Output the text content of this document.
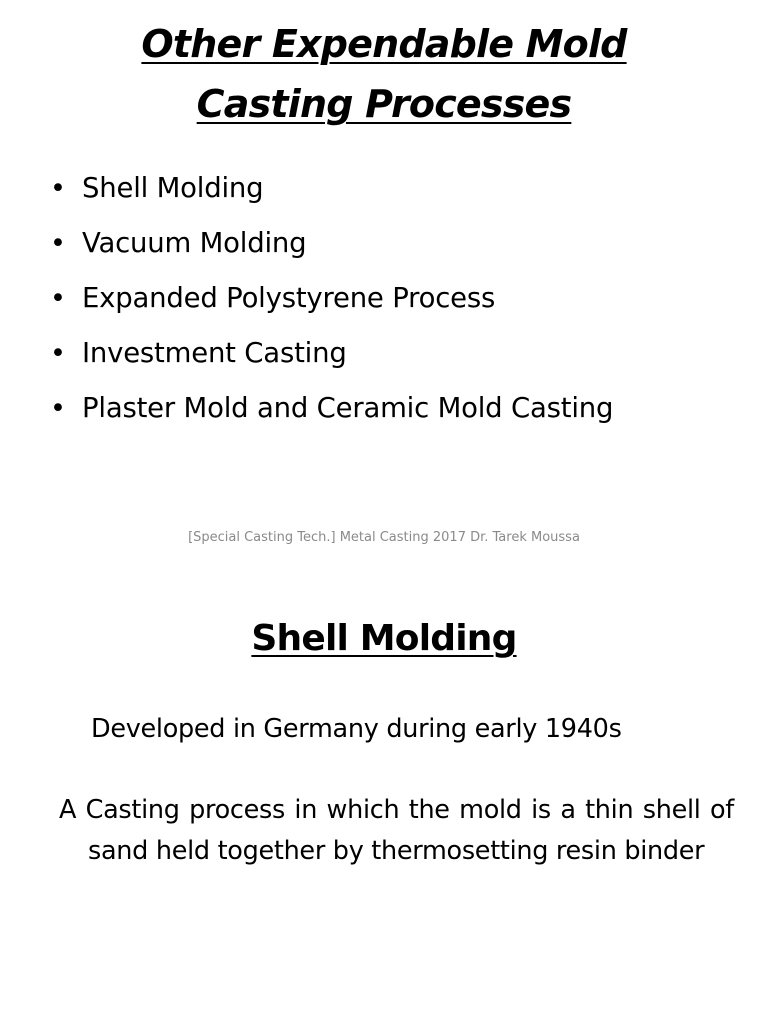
Other Expendable Mold
Casting Processes
• Shell Molding
• Vacuum Molding
• Expanded Polystyrene Process
• Investment Casting
• Plaster Mold and Ceramic Mold Casting
[Special Casting Tech.] Metal Casting 2017 Dr. Tarek Moussa
Shell Molding
Developed in Germany during early 1940s

A Casting process in which the mold is a thin shell of sand held together by thermosetting resin binder
